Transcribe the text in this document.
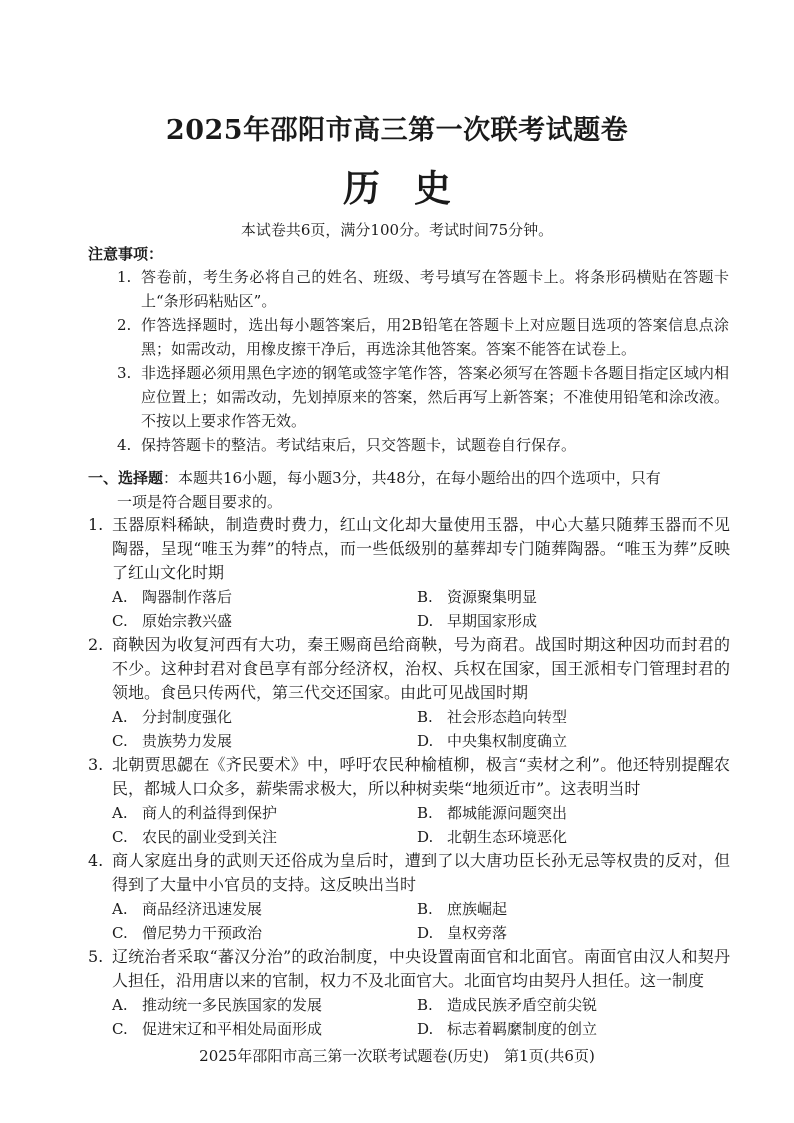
2025年邵阳市高三第一次联考试题卷
历史
本试卷共6页，满分100分。考试时间75分钟。
注意事项：
1. 答卷前，考生务必将自己的姓名、班级、考号填写在答题卡上。将条形码横贴在答题卡上“条形码粘贴区”。
2. 作答选择题时，选出每小题答案后，用2B铅笔在答题卡上对应题目选项的答案信息点涂黑；如需改动，用橡皮擦干净后，再选涂其他答案。答案不能答在试卷上。
3. 非选择题必须用黑色字迹的钢笔或签字笔作答，答案必须写在答题卡各题目指定区域内相应位置上；如需改动，先划掉原来的答案，然后再写上新答案；不准使用铅笔和涂改液。不按以上要求作答无效。
4. 保持答题卡的整洁。考试结束后，只交答题卡，试题卷自行保存。
一、选择题：本题共16小题，每小题3分，共48分，在每小题给出的四个选项中，只有
一项是符合题目要求的。
1. 玉器原料稀缺，制造费时费力，红山文化却大量使用玉器，中心大墓只随葬玉器而不见陶器，呈现“唯玉为葬”的特点，而一些低级别的墓葬却专门随葬陶器。“唯玉为葬”反映了红山文化时期
A. 陶器制作落后	B. 资源聚集明显
C. 原始宗教兴盛	D. 早期国家形成
2. 商鞅因为收复河西有大功，秦王赐商邑给商鞅，号为商君。战国时期这种因功而封君的不少。这种封君对食邑享有部分经济权，治权、兵权在国家，国王派相专门管理封君的领地。食邑只传两代，第三代交还国家。由此可见战国时期
A. 分封制度强化	B. 社会形态趋向转型
C. 贵族势力发展	D. 中央集权制度确立
3. 北朝贾思勰在《齐民要术》中，呼吁农民种榆植柳，极言“卖材之利”。他还特别提醒农民，都城人口众多，薪柴需求极大，所以种树卖柴“地须近市”。这表明当时
A. 商人的利益得到保护	B. 都城能源问题突出
C. 农民的副业受到关注	D. 北朝生态环境恶化
4. 商人家庭出身的武则天还俗成为皇后时，遭到了以大唐功臣长孙无忌等权贵的反对，但得到了大量中小官员的支持。这反映出当时
A. 商品经济迅速发展	B. 庶族崛起
C. 僧尼势力干预政治	D. 皇权旁落
5. 辽统治者采取“蕃汉分治”的政治制度，中央设置南面官和北面官。南面官由汉人和契丹人担任，沿用唐以来的官制，权力不及北面官大。北面官均由契丹人担任。这一制度
A. 推动统一多民族国家的发展	B. 造成民族矛盾空前尖锐
C. 促进宋辽和平相处局面形成	D. 标志着羁縻制度的创立
2025年邵阳市高三第一次联考试题卷(历史)　第1页(共6页)
